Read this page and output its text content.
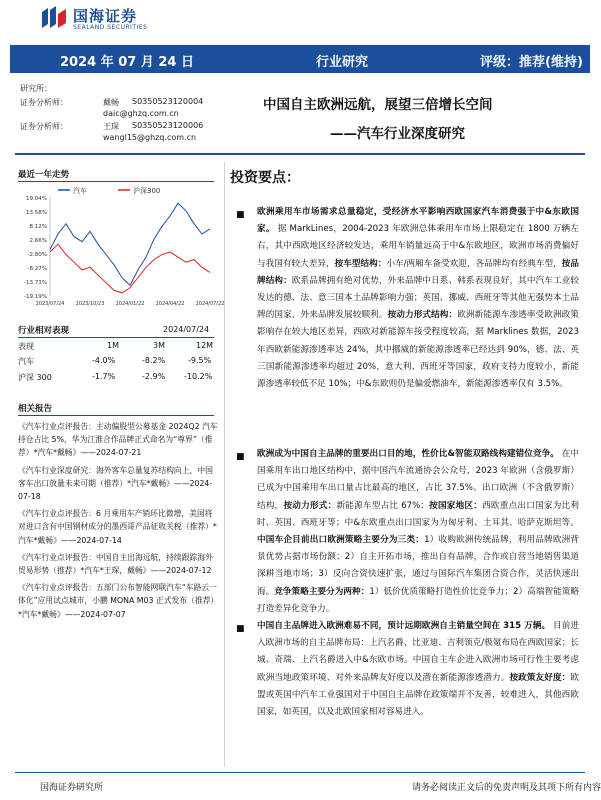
国海证券
SEALAND SECURITIES
2024 年 07 月 24 日	行业研究	评级：推荐(维持)
研究所：
证券分析师：	戴畅 S0350523120004
daic@ghzq.com.cn
证券分析师：	王琛 S0350523120006
wangl15@ghzq.com.cn
中国自主欧洲远航，展望三倍增长空间
——汽车行业深度研究
最近一年走势
汽车	沪深300
19.04%
13.58%
8.12%
2.66%
-2.80%
-8.27%
-13.73%
-19.19%
2023/07/24 2023/10/23 2024/01/22 2024/04/22 2024/07/22
行业相对表现	2024/07/24
表现	1M	3M	12M
汽车	-4.0%	-8.2%	-9.5%
沪深 300	-1.7%	-2.9% -10.2%
相关报告

《汽车行业点评报告：主动偏股型公募基金 2024Q2 汽车持仓占比 5%，华为江淮合作品牌正式命名为“尊界”（推荐）*汽车*戴畅》——2024-07-21

《汽车行业深度研究：海外客车总量复苏结构向上，中国客车出口放量未来可期（推荐）*汽车*戴畅》——2024-07-18

《汽车行业点评报告：6 月乘用车产销环比微增，美国将对进口含有中国钢材成分的墨西哥产品征收关税（推荐）*汽车*戴畅》——2024-07-14

《汽车行业点评报告：中国自主出海远航，持续跟踪海外贸易形势（推荐）*汽车*王琛，戴畅》——2024-07-12

《汽车行业点评报告：五部门公布智能网联汽车“车路云一体化”应用试点城市，小鹏 MONA M03 正式发布（推荐）*汽车*戴畅》——2024-07-07

投资要点：
■ 欧洲乘用车市场需求总量稳定，受经济水平影响西欧国家汽车消费强于中&东欧国家。 据 MarkLines，2004-2023 年欧洲总体乘用车市场上限稳定在 1800 万辆左右，其中西欧地区经济较发达，乘用车销量远高于中&东欧地区，欧洲市场消费偏好与我国有较大差异，按车型结构：小车/两厢车备受欢迎，各品牌均有经典车型，按品牌结构：欧系品牌拥有绝对优势，外来品牌中日系、韩系表现良好，其中汽车工业较发达的德、法、意三国本土品牌影响力强；英国、挪威、西班牙等其他无强势本土品牌的国家，外来品牌发展较顺利。按动力形式结构：欧洲新能源车渗透率受欧洲政策影响存在较大地区差异，西欧对新能源车接受程度较高，据 Marklines 数据，2023 年西欧新能源渗透率达 24%，其中挪威的新能源渗透率已经达到 90%，德、法、英三国新能源渗透率均超过 20%，意大利、西班牙等国家，政府支持力度较小，新能源渗透率较低不足 10%；中&东欧则仍是偏爱燃油车，新能源渗透率仅有 3.5%。
■ 欧洲成为中国自主品牌的重要出口目的地，性价比&智能双路线构建错位竞争。 在中国乘用车出口地区结构中，据中国汽车流通协会公众号，2023 年欧洲（含俄罗斯）已成为中国乘用车出口量占比最高的地区，占比 37.5%。出口欧洲（不含俄罗斯）结构，按动力形式：新能源车型占比 67%；按国家地区：西欧重点出口国家为比利时、英国、西班牙等；中&东欧重点出口国家为为匈牙利、土耳其、哈萨克斯坦等。中国车企目前出口欧洲策略主要分为三类：1）收购欧洲传统品牌，利用品牌欧洲背景优势占据市场份额；2）自主开拓市场，推出自有品牌，合作或自营当地销售渠道深耕当地市场；3）反向合资快速扩张，通过与国际汽车集团合资合作，灵活快速出海。竞争策略主要分为两种：1）低价优质策略打造性价比竞争力；2）高端智能策略打造差异化竞争力。
■ 中国自主品牌进入欧洲难易不同，预计远期欧洲自主销量空间在 315 万辆。 目前进入欧洲市场的自主品牌布局：上汽名爵、比亚迪、吉利领克/极氪布局在西欧国家；长城、奇瑞、上汽名爵进入中&东欧市场。中国自主车企进入欧洲市场可行性主要考虑欧洲当地政策环境、对外来品牌友好度以及潜在新能源渗透潜力。按政策友好度：欧盟或英国中汽车工业强国对于中国自主品牌在政策端并不友善，较难进入，其他西欧国家，如英国，以及北欧国家相对容易进入。
国海证券研究所	请务必阅读正文后的免责声明及其项下所有内容
